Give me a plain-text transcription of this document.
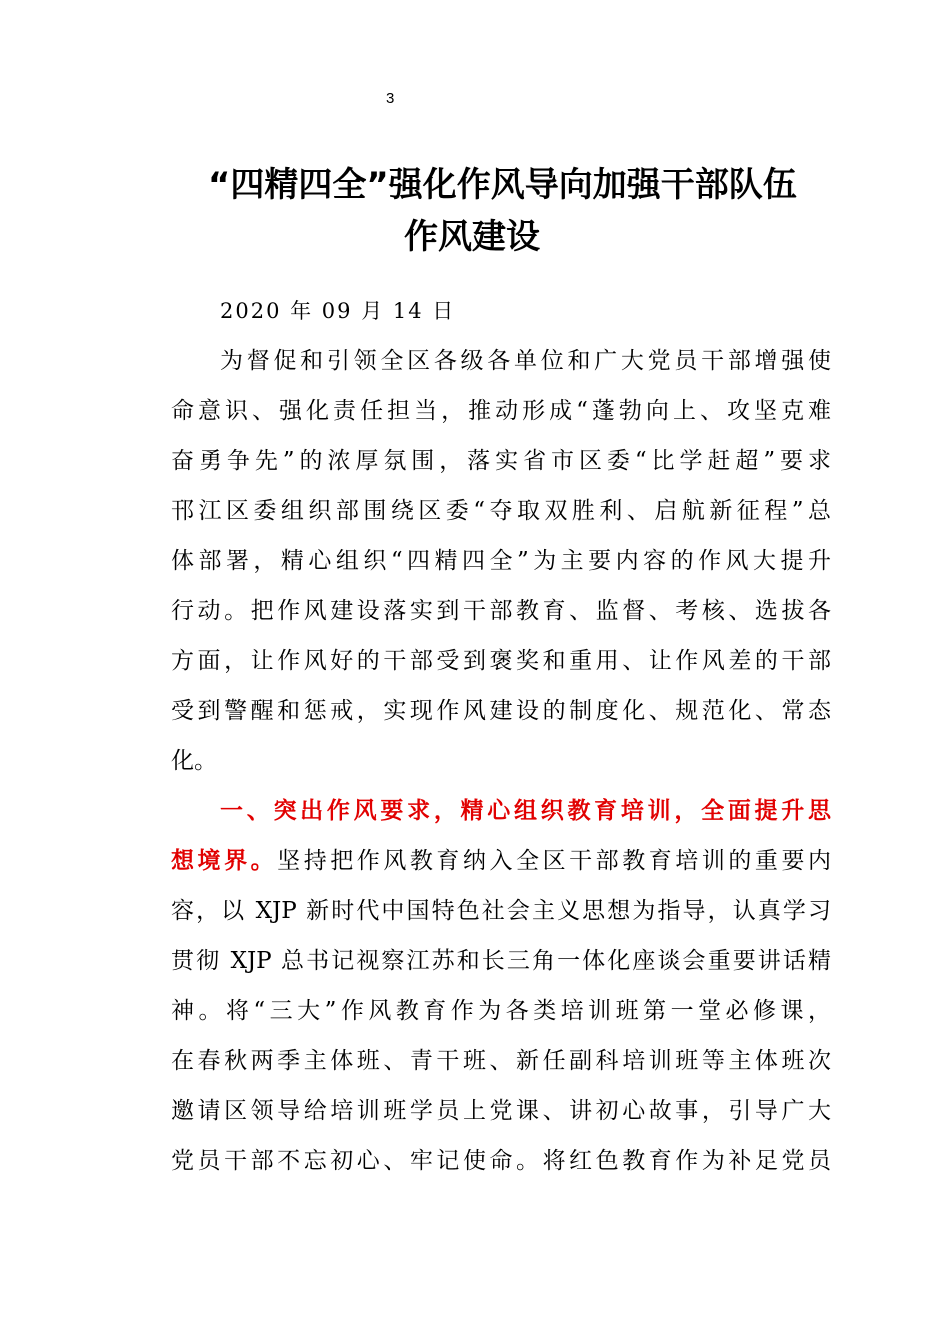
3
“四精四全”强化作风导向加强干部队伍
作风建设
2020 年 09 月 14 日
为督促和引领全区各级各单位和广大党员干部增强使
命意识、强化责任担当，推动形成“蓬勃向上、攻坚克难
奋勇争先”的浓厚氛围，落实省市区委“比学赶超”要求
邗江区委组织部围绕区委“夺取双胜利、启航新征程”总
体部署，精心组织“四精四全”为主要内容的作风大提升
行动。把作风建设落实到干部教育、监督、考核、选拔各
方面，让作风好的干部受到褒奖和重用、让作风差的干部
受到警醒和惩戒，实现作风建设的制度化、规范化、常态
化。
一、突出作风要求，精心组织教育培训，全面提升思
想境界。坚持把作风教育纳入全区干部教育培训的重要内
容，以 XJP 新时代中国特色社会主义思想为指导，认真学习
贯彻 XJP 总书记视察江苏和长三角一体化座谈会重要讲话精
神。将“三大”作风教育作为各类培训班第一堂必修课，
在春秋两季主体班、青干班、新任副科培训班等主体班次
邀请区领导给培训班学员上党课、讲初心故事，引导广大
党员干部不忘初心、牢记使命。将红色教育作为补足党员
